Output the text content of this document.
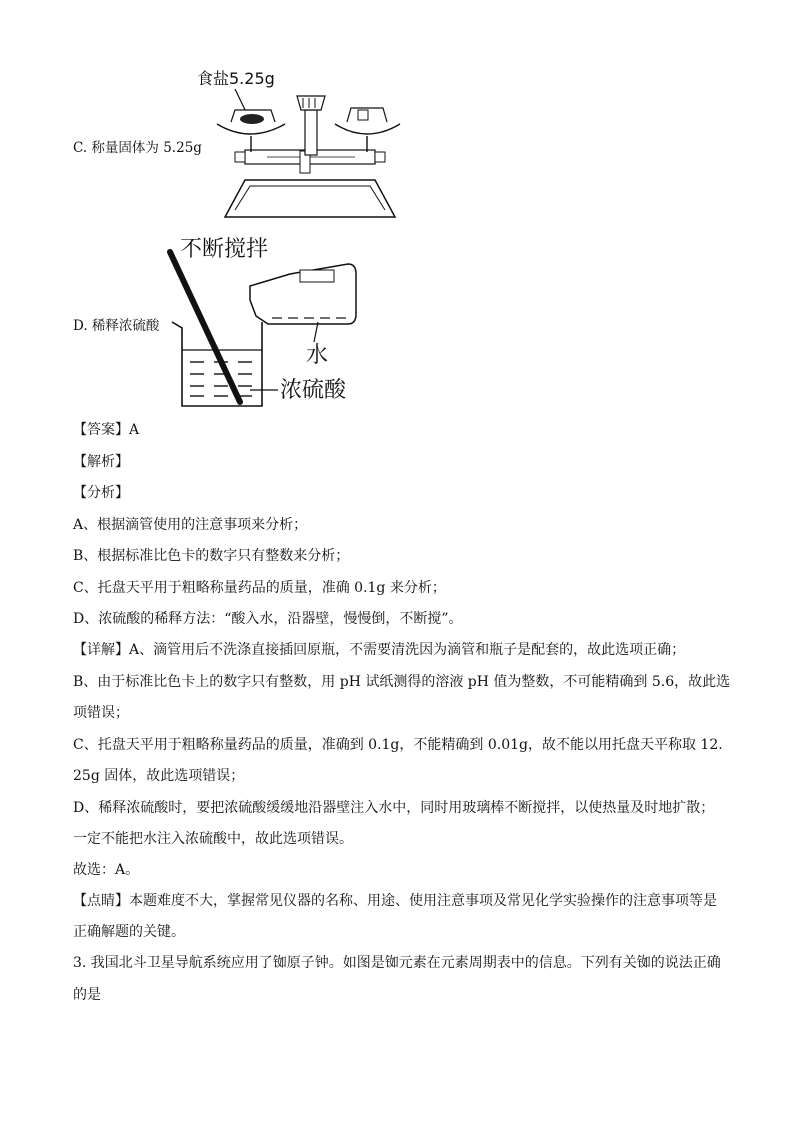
C. 称量固体为 5.25g
食盐5.25g
D. 稀释浓硫酸
不断搅拌
水
浓硫酸
【答案】A
【解析】
【分析】
A、根据滴管使用的注意事项来分析；
B、根据标准比色卡的数字只有整数来分析；
C、托盘天平用于粗略称量药品的质量，准确 0.1g 来分析；
D、浓硫酸的稀释方法：“酸入水，沿器壁，慢慢倒，不断搅”。
【详解】A、滴管用后不洗涤直接插回原瓶，不需要清洗因为滴管和瓶子是配套的，故此选项正确；
B、由于标准比色卡上的数字只有整数，用 pH 试纸测得的溶液 pH 值为整数，不可能精确到 5.6，故此选
项错误；
C、托盘天平用于粗略称量药品的质量，准确到 0.1g，不能精确到 0.01g，故不能以用托盘天平称取 12.
25g 固体，故此选项错误；
D、稀释浓硫酸时，要把浓硫酸缓缓地沿器壁注入水中，同时用玻璃棒不断搅拌，以使热量及时地扩散；
一定不能把水注入浓硫酸中，故此选项错误。
故选：A。
【点睛】本题难度不大，掌握常见仪器的名称、用途、使用注意事项及常见化学实验操作的注意事项等是
正确解题的关键。
3. 我国北斗卫星导航系统应用了铷原子钟。如图是铷元素在元素周期表中的信息。下列有关铷的说法正确
的是
